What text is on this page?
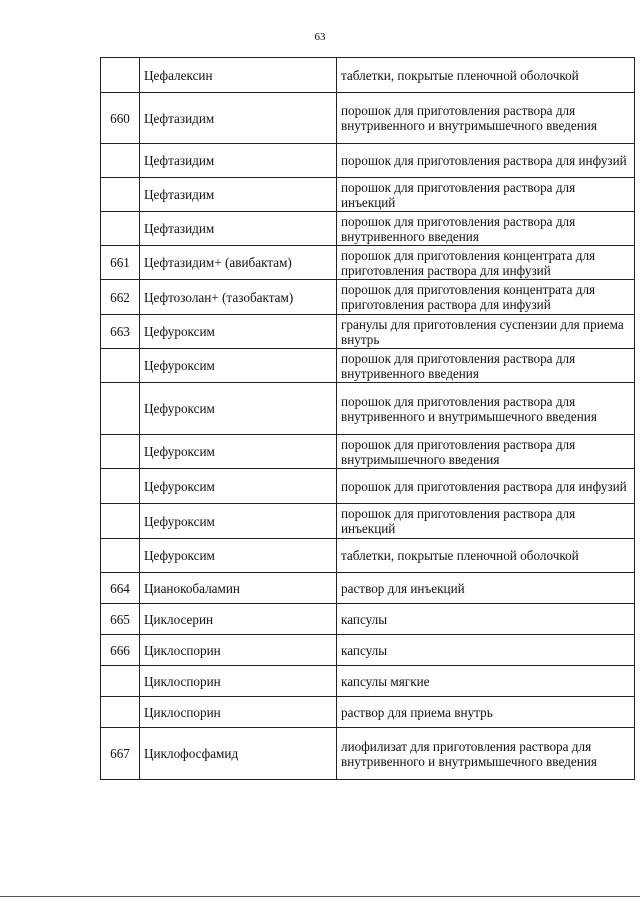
63
	Цефалексин	таблетки, покрытые пленочной оболочкой
660	Цефтазидим	порошок для приготовления раствора для внутривенного и внутримышечного введения
	Цефтазидим	порошок для приготовления раствора для инфузий
	Цефтазидим	порошок для приготовления раствора для инъекций
	Цефтазидим	порошок для приготовления раствора для внутривенного введения
661	Цефтазидим+ (авибактам)	порошок для приготовления концентрата для приготовления раствора для инфузий
662	Цефтозолан+ (тазобактам)	порошок для приготовления концентрата для приготовления раствора для инфузий
663	Цефуроксим	гранулы для приготовления суспензии для приема внутрь
	Цефуроксим	порошок для приготовления раствора для внутривенного введения
	Цефуроксим	порошок для приготовления раствора для внутривенного и внутримышечного введения
	Цефуроксим	порошок для приготовления раствора для внутримышечного введения
	Цефуроксим	порошок для приготовления раствора для инфузий
	Цефуроксим	порошок для приготовления раствора для инъекций
	Цефуроксим	таблетки, покрытые пленочной оболочкой
664	Цианокобаламин	раствор для инъекций
665	Циклосерин	капсулы
666	Циклоспорин	капсулы
	Циклоспорин	капсулы мягкие
	Циклоспорин	раствор для приема внутрь
667	Циклофосфамид	лиофилизат для приготовления раствора для внутривенного и внутримышечного введения
